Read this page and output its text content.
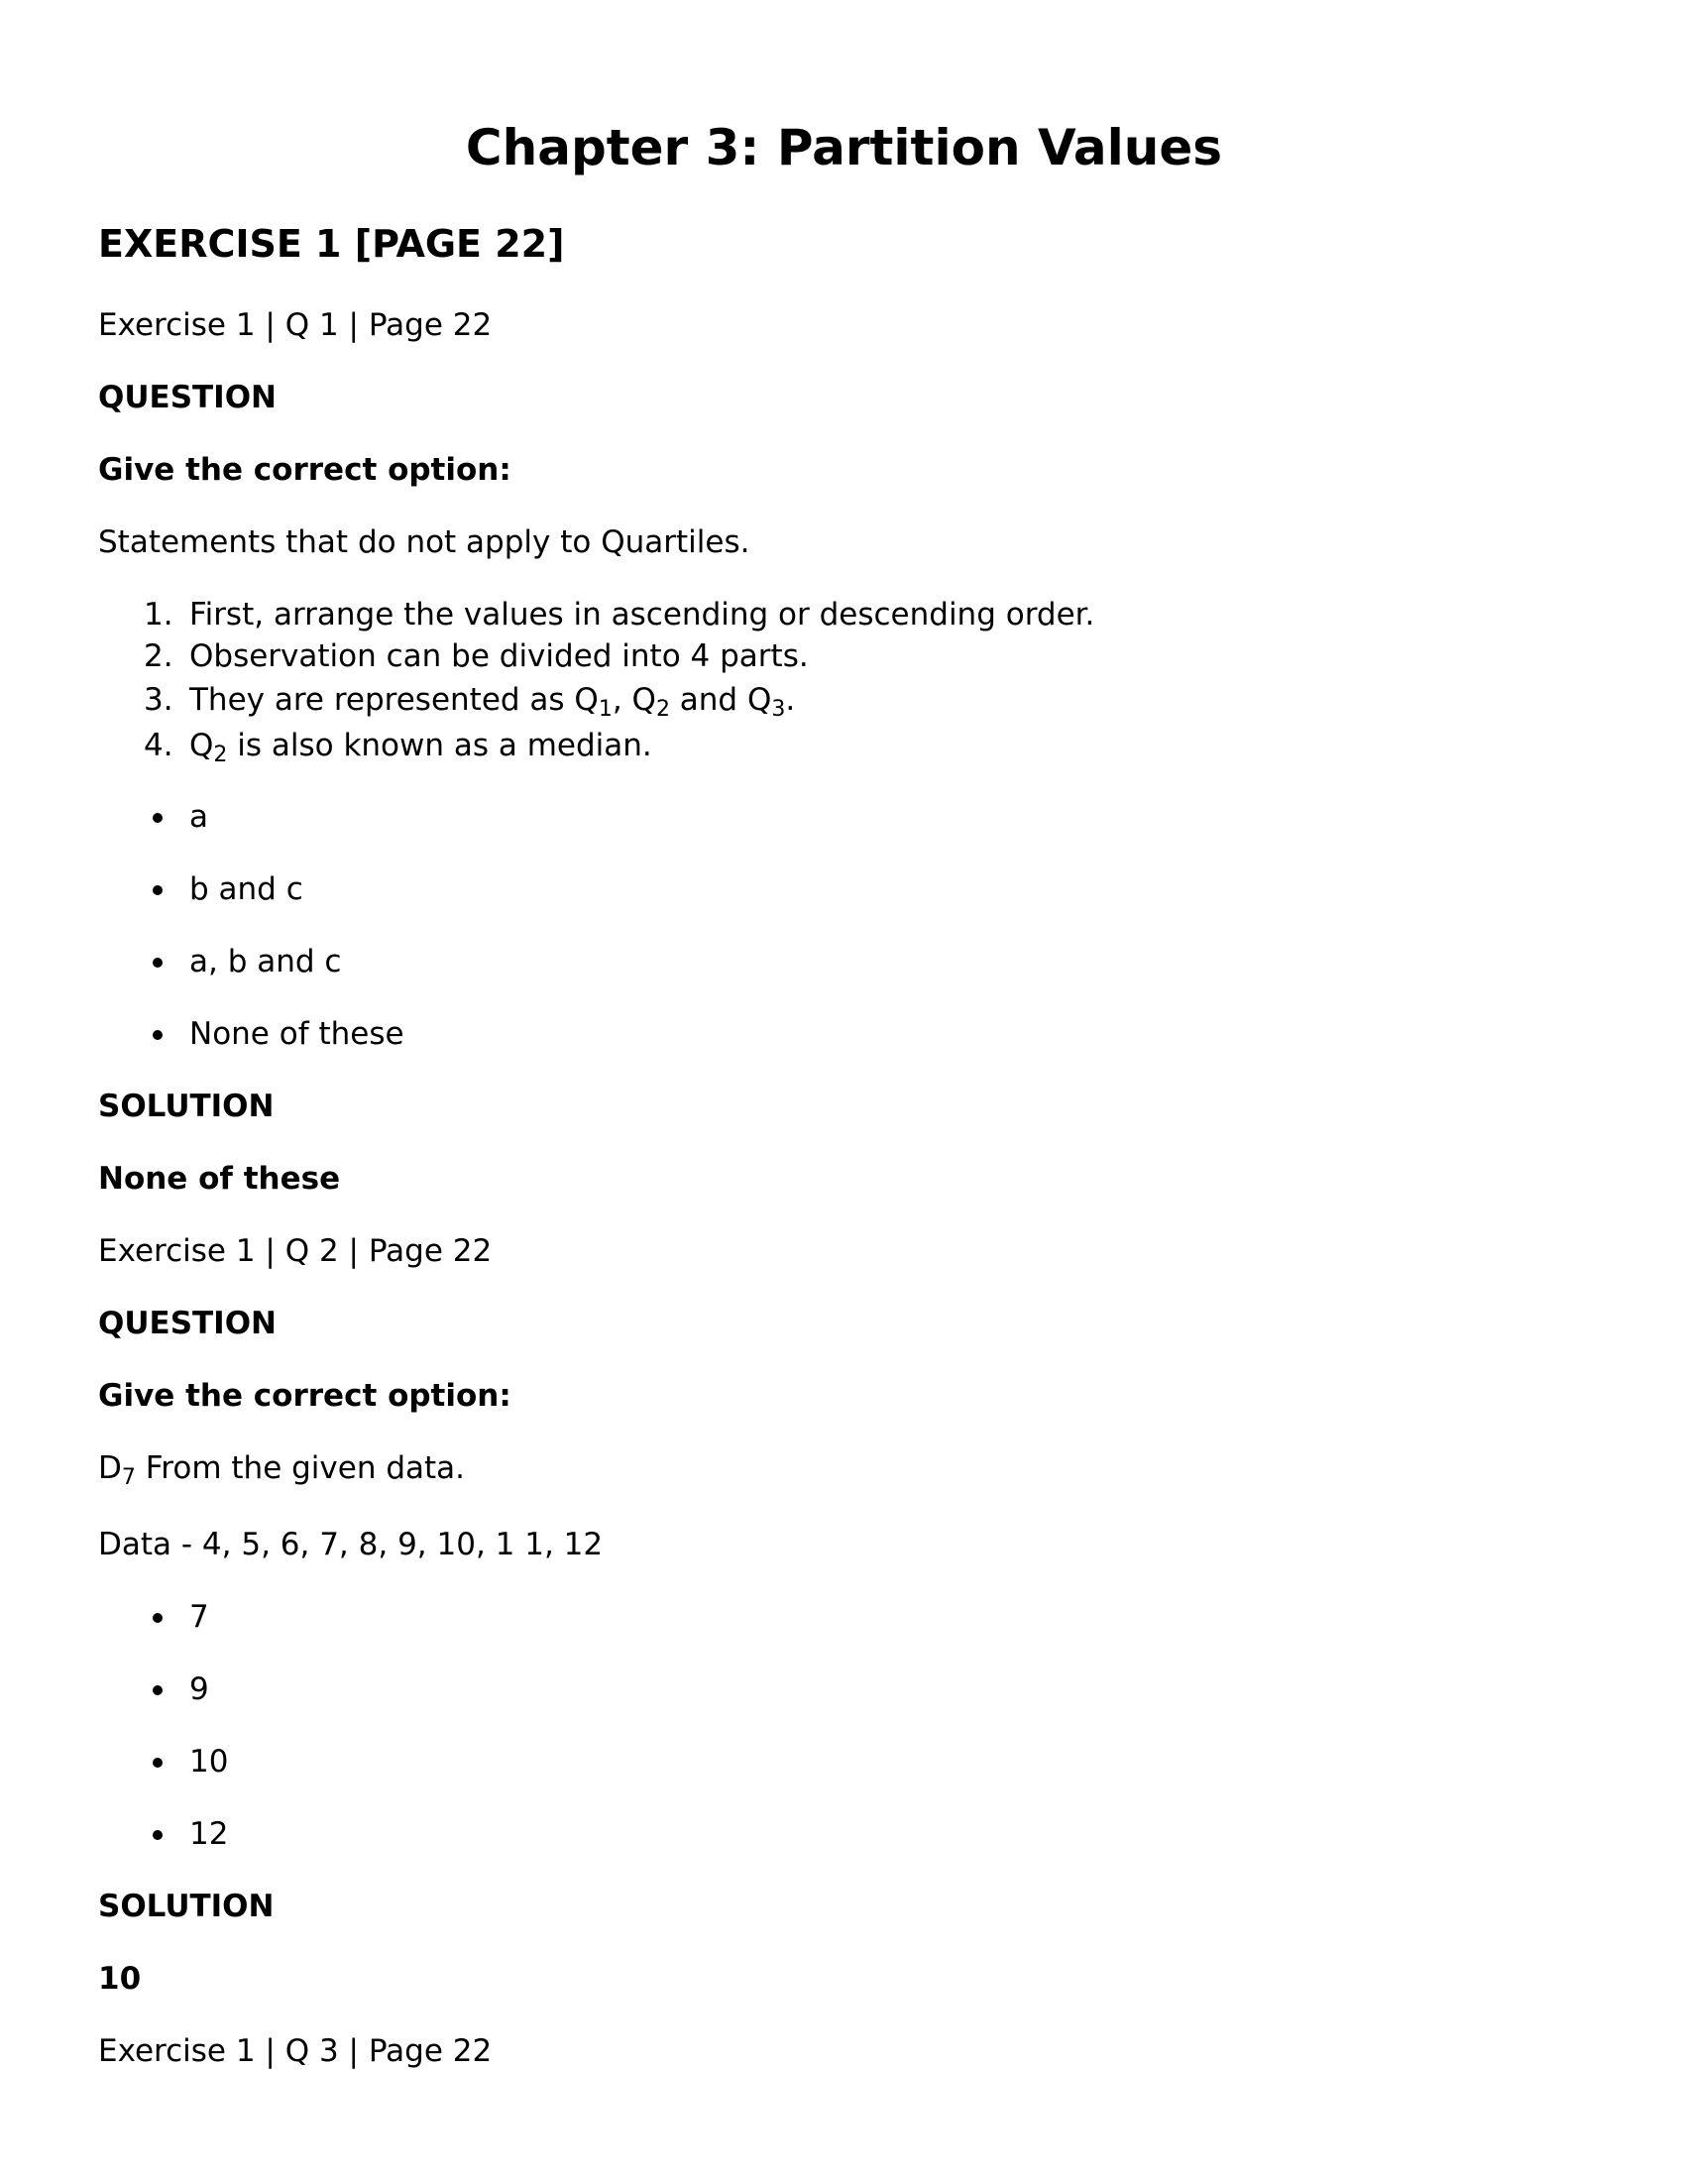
Chapter 3: Partition Values
EXERCISE 1 [PAGE 22]

Exercise 1 | Q 1 | Page 22

QUESTION

Give the correct option:

Statements that do not apply to Quartiles.

1. First, arrange the values in ascending or descending order.
2. Observation can be divided into 4 parts.
3. They are represented as $Q_1$, $Q_2$ and $Q_3$.
4. $Q_2$ is also known as a median.

a

b and c

a, b and c

None of these

SOLUTION

None of these

Exercise 1 | Q 2 | Page 22

QUESTION

Give the correct option:

$D_7$ From the given data.

Data - 4, 5, 6, 7, 8, 9, 10, 1 1, 12

7

9

10

12

SOLUTION

10

Exercise 1 | Q 3 | Page 22
